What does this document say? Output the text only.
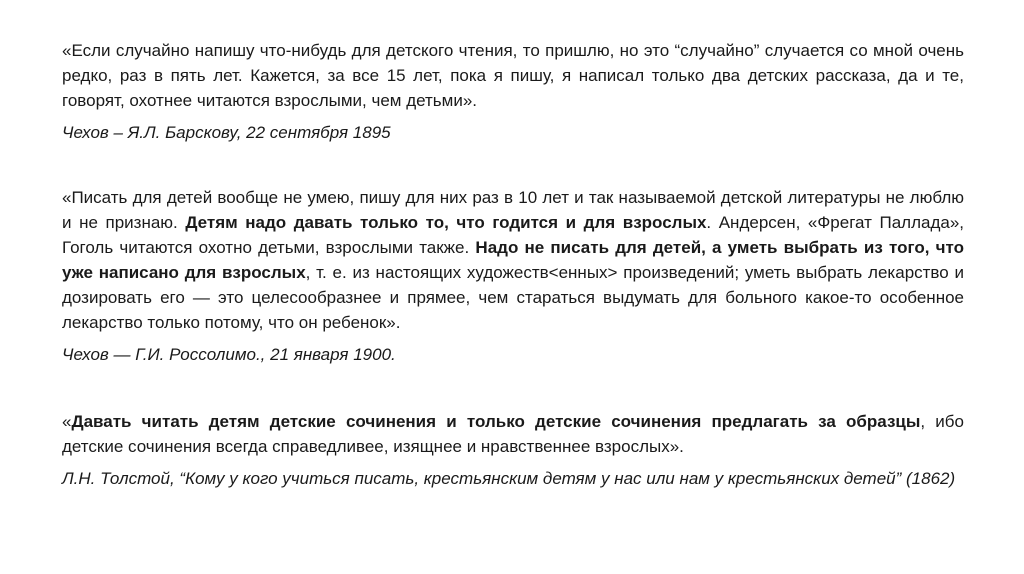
«Если случайно напишу что-нибудь для детского чтения, то пришлю, но это “случайно” случается со мной очень редко, раз в пять лет. Кажется, за все 15 лет, пока я пишу, я написал только два детских рассказа, да и те, говорят, охотнее читаются взрослыми, чем детьми».

Чехов – Я.Л. Барскову, 22 сентября 1895

«Писать для детей вообще не умею, пишу для них раз в 10 лет и так называемой детской литературы не люблю и не признаю. Детям надо давать только то, что годится и для взрослых. Андерсен, «Фрегат Паллада», Гоголь читаются охотно детьми, взрослыми также. Надо не писать для детей, а уметь выбрать из того, что уже написано для взрослых, т. е. из настоящих художеств<енных> произведений; уметь выбрать лекарство и дозировать его — это целесообразнее и прямее, чем стараться выдумать для больного какое-то особенное лекарство только потому, что он ребенок».

Чехов — Г.И. Россолимо., 21 января 1900.

«Давать читать детям детские сочинения и только детские сочинения предлагать за образцы, ибо детские сочинения всегда справедливее, изящнее и нравственнее взрослых».

Л.Н. Толстой, “Кому у кого учиться писать, крестьянским детям у нас или нам у крестьянских детей” (1862)
